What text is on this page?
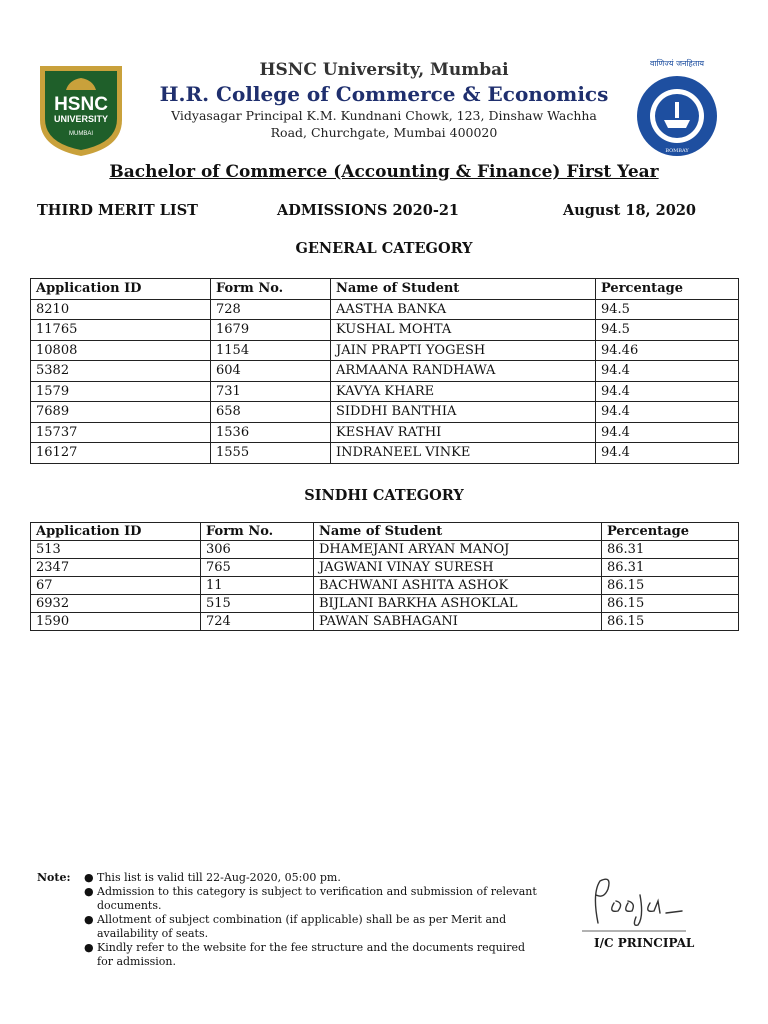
HSNC
UNIVERSITY
MUMBAI
वाणिज्यं जनहिताय
BOMBAY
HSNC University, Mumbai
H.R. College of Commerce & Economics
Vidyasagar Principal K.M. Kundnani Chowk, 123, Dinshaw Wachha
Road, Churchgate, Mumbai 400020
Bachelor of Commerce (Accounting & Finance) First Year
THIRD MERIT LIST	ADMISSIONS 2020-21	August 18, 2020
GENERAL CATEGORY
Application ID	Form No.	Name of Student	Percentage
8210	728	AASTHA BANKA	94.5
11765	1679	KUSHAL MOHTA	94.5
10808	1154	JAIN PRAPTI YOGESH	94.46
5382	604	ARMAANA RANDHAWA	94.4
1579	731	KAVYA KHARE	94.4
7689	658	SIDDHI BANTHIA	94.4
15737	1536	KESHAV RATHI	94.4
16127	1555	INDRANEEL VINKE	94.4
SINDHI CATEGORY
Application ID	Form No.	Name of Student	Percentage
513	306	DHAMEJANI ARYAN MANOJ	86.31
2347	765	JAGWANI VINAY SURESH	86.31
67	11	BACHWANI ASHITA ASHOK	86.15
6932	515	BIJLANI BARKHA ASHOKLAL	86.15
1590	724	PAWAN SABHAGANI	86.15
Note: ● This list is valid till 22-Aug-2020, 05:00 pm.
● Admission to this category is subject to verification and submission of relevant documents.
● Allotment of subject combination (if applicable) shall be as per Merit and availability of seats.
● Kindly refer to the website for the fee structure and the documents required for admission.
I/C PRINCIPAL
